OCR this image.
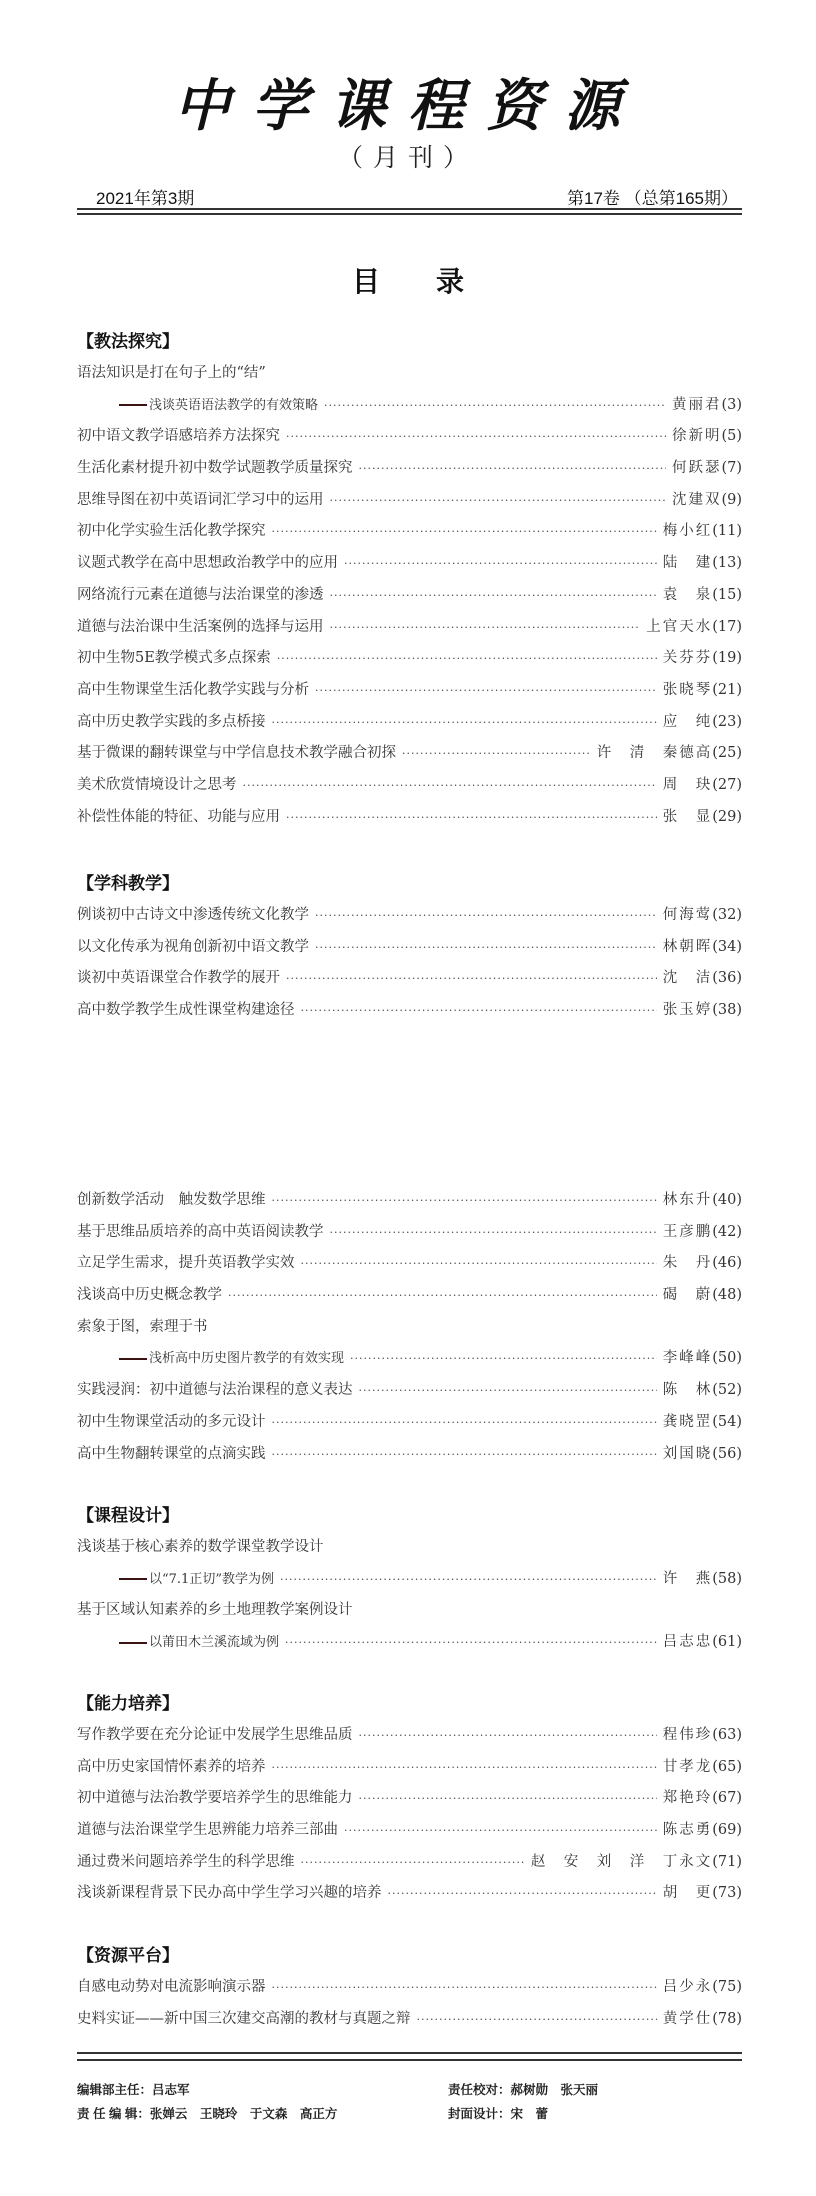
中学课程资源
（月刊）
2021年第3期	第17卷 （总第165期）
目录
【教法探究】
语法知识是打在句子上的“结”
浅谈英语语法教学的有效策略 ·····	黄丽君 (3)
初中语文教学语感培养方法探究 ·····	徐新明 (5)
生活化素材提升初中数学试题教学质量探究 ·····	何跃瑟 (7)
思维导图在初中英语词汇学习中的运用 ·····	沈建双 (9)
初中化学实验生活化教学探究 ·····	梅小红 (11)
议题式教学在高中思想政治教学中的应用 ·····	陆　建 (13)
网络流行元素在道德与法治课堂的渗透 ·····	袁　泉 (15)
道德与法治课中生活案例的选择与运用 ·····	上官天水 (17)
初中生物5E教学模式多点探索 ·····	关芬芬 (19)
高中生物课堂生活化教学实践与分析 ·····	张晓琴 (21)
高中历史教学实践的多点桥接 ·····	应　纯 (23)
基于微课的翻转课堂与中学信息技术教学融合初探 ·····	许　清　秦德高 (25)
美术欣赏情境设计之思考 ·····	周　玦 (27)
补偿性体能的特征、功能与应用 ·····	张　显 (29)
【学科教学】
例谈初中古诗文中渗透传统文化教学 ·····	何海莺 (32)
以文化传承为视角创新初中语文教学 ·····	林朝晖 (34)
谈初中英语课堂合作教学的展开 ·····	沈　洁 (36)
高中数学教学生成性课堂构建途径 ·····	张玉婷 (38)
创新数学活动　触发数学思维 ·····	林东升 (40)
基于思维品质培养的高中英语阅读教学 ·····	王彦鹏 (42)
立足学生需求，提升英语教学实效 ·····	朱　丹 (46)
浅谈高中历史概念教学 ·····	碣　蔚 (48)
索象于图，索理于书
浅析高中历史图片教学的有效实现 ·····	李峰峰 (50)
实践浸润：初中道德与法治课程的意义表达 ·····	陈　林 (52)
初中生物课堂活动的多元设计 ·····	龚晓罡 (54)
高中生物翻转课堂的点滴实践 ·····	刘国晓 (56)
【课程设计】
浅谈基于核心素养的数学课堂教学设计
以“7.1正切”教学为例 ·····	许　燕 (58)
基于区域认知素养的乡土地理教学案例设计
以莆田木兰溪流域为例 ·····	吕志忠 (61)
【能力培养】
写作教学要在充分论证中发展学生思维品质 ·····	程伟珍 (63)
高中历史家国情怀素养的培养 ·····	甘孝龙 (65)
初中道德与法治教学要培养学生的思维能力 ·····	郑艳玲 (67)
道德与法治课堂学生思辨能力培养三部曲 ·····	陈志勇 (69)
通过费米问题培养学生的科学思维 ·····	赵　安　刘　洋　丁永文 (71)
浅谈新课程背景下民办高中学生学习兴趣的培养 ·····	胡　更 (73)
【资源平台】
自感电动势对电流影响演示器 ·····	吕少永 (75)
史料实证——新中国三次建交高潮的教材与真题之辩 ·····	黄学仕 (78)
编辑部主任：吕志军
责 任 编 辑：张婵云　王晓玲　于文森　高正方
责任校对：郝树勋　张天丽
封面设计：宋　蕾
